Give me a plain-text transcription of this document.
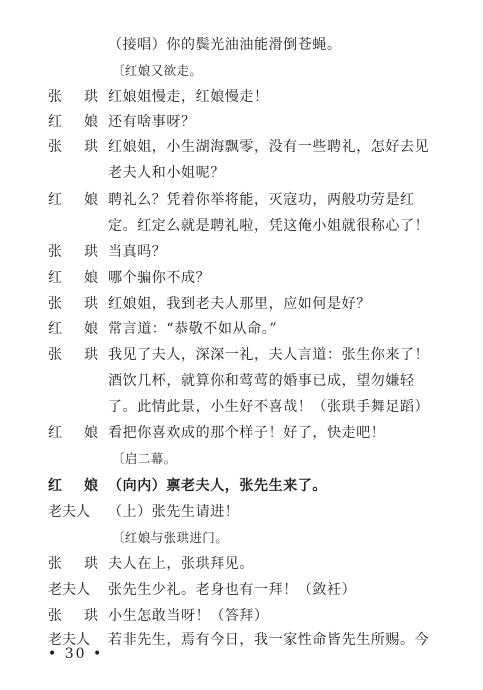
（接唱）你的鬓光油油能滑倒苍蝇。
〔红娘又欲走。
张　珙 红娘姐慢走，红娘慢走！
红　娘 还有啥事呀？
张　珙 红娘姐，小生湖海飘零，没有一些聘礼，怎好去见
老夫人和小姐呢？
红　娘 聘礼么？凭着你举将能，灭寇功，两般功劳是红
定。红定么就是聘礼啦，凭这俺小姐就很称心了！
张　珙 当真吗？
红　娘 哪个骗你不成？
张　珙 红娘姐，我到老夫人那里，应如何是好？
红　娘 常言道：“恭敬不如从命。”
张　珙 我见了夫人，深深一礼，夫人言道：张生你来了！
酒饮几杯，就算你和莺莺的婚事已成，望勿嫌轻
了。此情此景，小生好不喜哉！（张珙手舞足蹈）
红　娘 看把你喜欢成的那个样子！好了，快走吧！
〔启二幕。
红　娘 （向内）禀老夫人，张先生来了。
老夫人	（上）张先生请进！
〔红娘与张珙进门。
张　珙 夫人在上，张珙拜见。
老夫人	张先生少礼。老身也有一拜！（敛衽）
张　珙 小生怎敢当呀！（答拜）
老夫人	若非先生，焉有今日，我一家性命皆先生所赐。今
• 30 •
